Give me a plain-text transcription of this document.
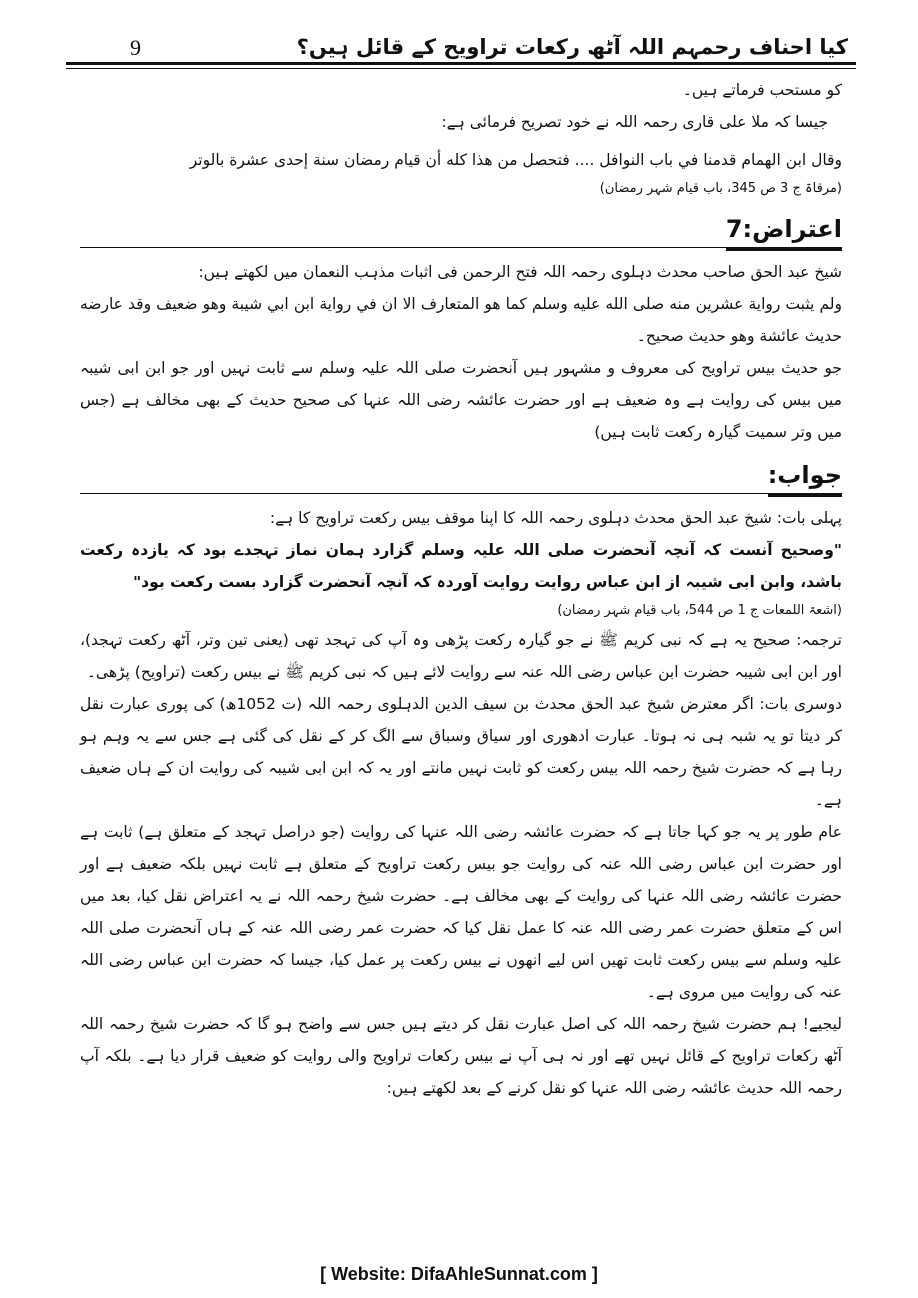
کیا احناف رحمہم اللہ آٹھ رکعات تراویح کے قائل ہیں؟
9

کو مستحب فرماتے ہیں۔

جیسا کہ ملا علی قاری رحمہ اللہ نے خود تصریح فرمائی ہے:

وقال ابن الهمام قدمنا في باب النوافل .... فتحصل من هذا كله أن قيام رمضان سنة إحدى عشرة بالوتر

(مرقاۃ ج 3 ص 345، باب قیام شہر رمضان)

اعتراض:7

شیخ عبد الحق صاحب محدث دہلوی رحمہ اللہ فتح الرحمن فی اثبات مذہب النعمان میں لکھتے ہیں:

ولم يثبت رواية عشرين منه صلى الله عليه وسلم كما هو المتعارف الا ان في رواية ابن ابي شيبة وهو ضعيف وقد عارضه حديث عائشة وهو حديث صحيح۔

جو حدیث بیس تراویح کی معروف و مشہور ہیں آنحضرت صلی اللہ علیہ وسلم سے ثابت نہیں اور جو ابن ابی شیبہ میں بیس کی روایت ہے وہ ضعیف ہے اور حضرت عائشہ رضی اللہ عنہا کی صحیح حدیث کے بھی مخالف ہے (جس میں وتر سمیت گیارہ رکعت ثابت ہیں)

جواب:

پہلی بات: شیخ عبد الحق محدث دہلوی رحمہ اللہ کا اپنا موقف بیس رکعت تراویح کا ہے:

"وصحیح آنست کہ آنچہ آنحضرت صلی اللہ علیہ وسلم گزارد ہمان نماز تہجدے بود کہ یازدہ رکعت باشد، وابن ابی شیبہ از ابن عباس روایت روایت آوردہ کہ آنچہ آنحضرت گزارد بست رکعت بود"

(اشعۃ اللمعات ج 1 ص 544، باب قیام شہر رمضان)

ترجمہ: صحیح یہ ہے کہ نبی کریم ﷺ نے جو گیارہ رکعت پڑھی وہ آپ کی تہجد تھی (یعنی تین وتر، آٹھ رکعت تہجد)، اور ابن ابی شیبہ حضرت ابن عباس رضی اللہ عنہ سے روایت لائے ہیں کہ نبی کریم ﷺ نے بیس رکعت (تراویح) پڑھی۔

دوسری بات: اگر معترض شیخ عبد الحق محدث بن سیف الدین الدہلوی رحمہ اللہ (ت 1052ھ) کی پوری عبارت نقل کر دیتا تو یہ شبہ ہی نہ ہوتا۔ عبارت ادھوری اور سیاق وسباق سے الگ کر کے نقل کی گئی ہے جس سے یہ وہم ہو رہا ہے کہ حضرت شیخ رحمہ اللہ بیس رکعت کو ثابت نہیں مانتے اور یہ کہ ابن ابی شیبہ کی روایت ان کے ہاں ضعیف ہے۔

عام طور پر یہ جو کہا جاتا ہے کہ حضرت عائشہ رضی اللہ عنہا کی روایت (جو دراصل تہجد کے متعلق ہے) ثابت ہے اور حضرت ابن عباس رضی اللہ عنہ کی روایت جو بیس رکعت تراویح کے متعلق ہے ثابت نہیں بلکہ ضعیف ہے اور حضرت عائشہ رضی اللہ عنہا کی روایت کے بھی مخالف ہے۔ حضرت شیخ رحمہ اللہ نے یہ اعتراض نقل کیا، بعد میں اس کے متعلق حضرت عمر رضی اللہ عنہ کا عمل نقل کیا کہ حضرت عمر رضی اللہ عنہ کے ہاں آنحضرت صلی اللہ علیہ وسلم سے بیس رکعت ثابت تھیں اس لیے انھوں نے بیس رکعت پر عمل کیا، جیسا کہ حضرت ابن عباس رضی اللہ عنہ کی روایت میں مروی ہے۔

لیجیے! ہم حضرت شیخ رحمہ اللہ کی اصل عبارت نقل کر دیتے ہیں جس سے واضح ہو گا کہ حضرت شیخ رحمہ اللہ آٹھ رکعات تراویح کے قائل نہیں تھے اور نہ ہی آپ نے بیس رکعات تراویح والی روایت کو ضعیف قرار دیا ہے۔ بلکہ آپ رحمہ اللہ حدیث عائشہ رضی اللہ عنہا کو نقل کرنے کے بعد لکھتے ہیں:

[ Website: DifaAhleSunnat.com ]
